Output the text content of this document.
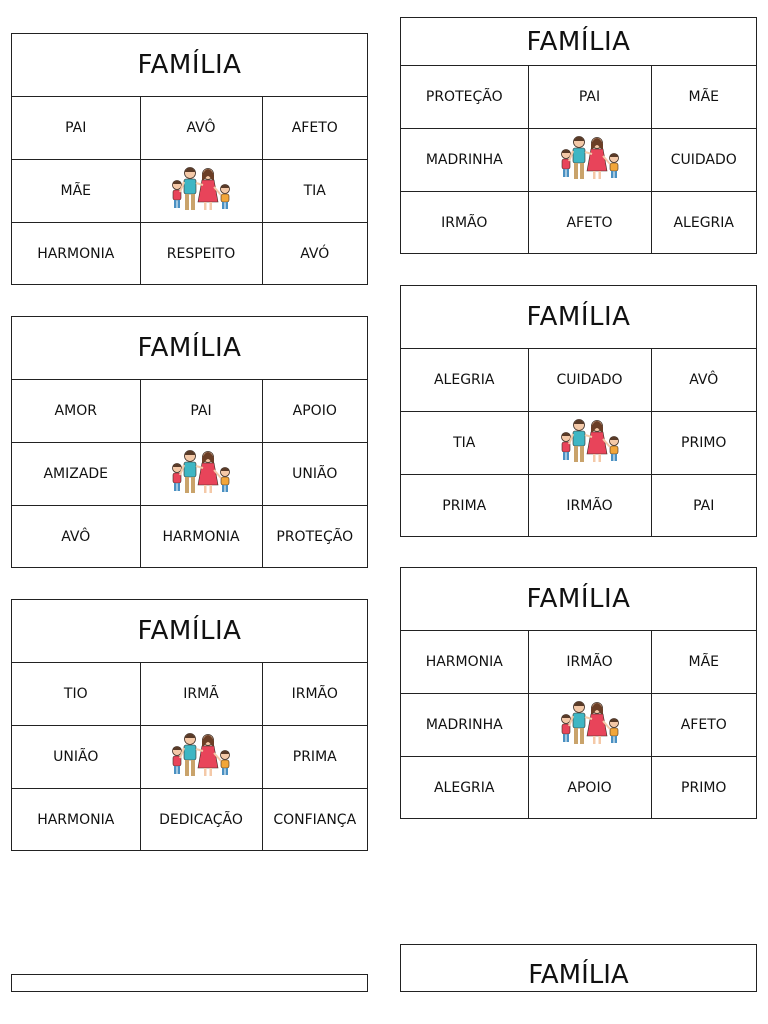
FAMÍLIA
PAI	AVÔ	AFETO
MÃE		TIA
HARMONIA	RESPEITO	AVÓ
FAMÍLIA
AMOR	PAI	APOIO
AMIZADE		UNIÃO
AVÔ	HARMONIA	PROTEÇÃO
FAMÍLIA
TIO	IRMÃ	IRMÃO
UNIÃO		PRIMA
HARMONIA	DEDICAÇÃO	CONFIANÇA
FAMÍLIA
PROTEÇÃO	PAI	MÃE
MADRINHA		CUIDADO
IRMÃO	AFETO	ALEGRIA
FAMÍLIA
ALEGRIA	CUIDADO	AVÔ
TIA		PRIMO
PRIMA	IRMÃO	PAI
FAMÍLIA
HARMONIA	IRMÃO	MÃE
MADRINHA		AFETO
ALEGRIA	APOIO	PRIMO
FAMÍLIA
